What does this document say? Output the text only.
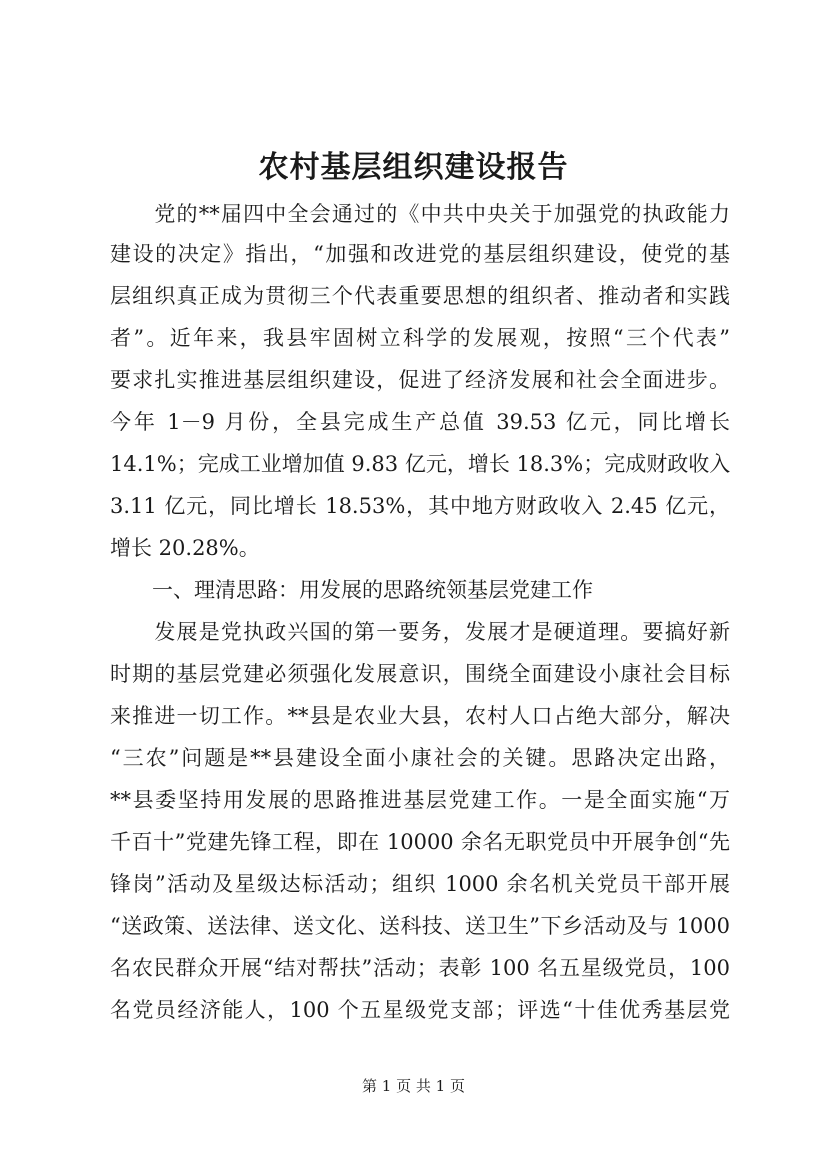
农村基层组织建设报告
　　党的**届四中全会通过的《中共中央关于加强党的执政能力
建设的决定》指出，“加强和改进党的基层组织建设，使党的基
层组织真正成为贯彻三个代表重要思想的组织者、推动者和实践
者”。近年来，我县牢固树立科学的发展观，按照“三个代表”
要求扎实推进基层组织建设，促进了经济发展和社会全面进步。
今年 1－9 月份，全县完成生产总值 39.53 亿元，同比增长
14.1%；完成工业增加值 9.83 亿元，增长 18.3%；完成财政收入
3.11 亿元，同比增长 18.53%，其中地方财政收入 2.45 亿元，
增长 20.28%。
　　一、理清思路：用发展的思路统领基层党建工作
　　发展是党执政兴国的第一要务，发展才是硬道理。要搞好新
时期的基层党建必须强化发展意识，围绕全面建设小康社会目标
来推进一切工作。**县是农业大县，农村人口占绝大部分，解决
“三农”问题是**县建设全面小康社会的关键。思路决定出路，
**县委坚持用发展的思路推进基层党建工作。一是全面实施“万
千百十”党建先锋工程，即在 10000 余名无职党员中开展争创“先
锋岗”活动及星级达标活动；组织 1000 余名机关党员干部开展
“送政策、送法律、送文化、送科技、送卫生”下乡活动及与 1000
名农民群众开展“结对帮扶”活动；表彰 100 名五星级党员，100
名党员经济能人，100 个五星级党支部；评选“十佳优秀基层党
第 1 页 共 1 页
